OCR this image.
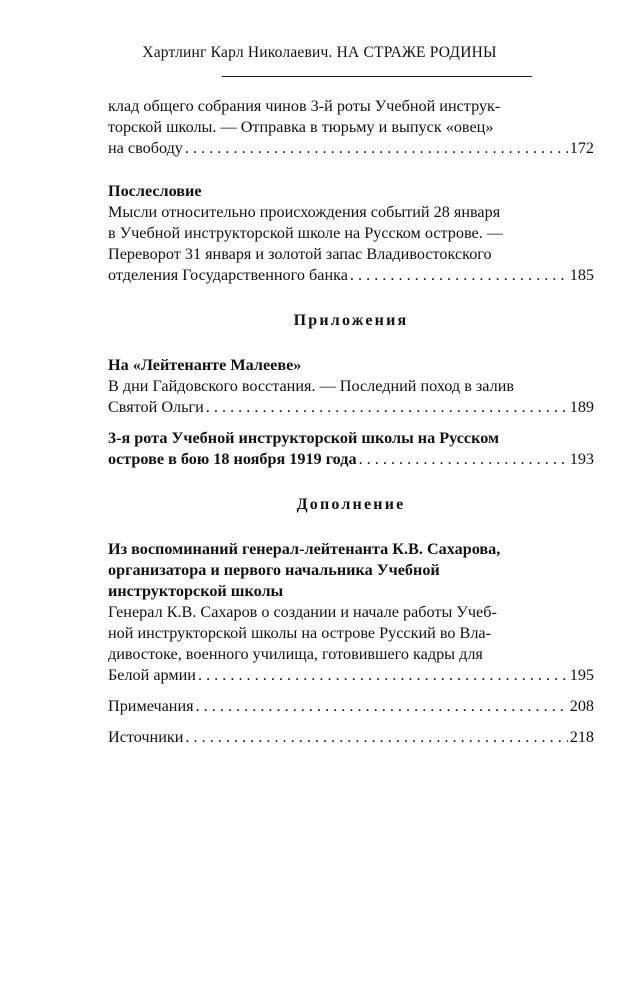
Хартлинг Карл Николаевич. НА СТРАЖЕ РОДИНЫ
клад общего собрания чинов 3-й роты Учебной инструк-
торской школы. — Отправка в тюрьму и выпуск «овец»
на свободу . . .	172
Послесловие
Мысли относительно происхождения событий 28 января
в Учебной инструкторской школе на Русском острове. —
Переворот 31 января и золотой запас Владивостокского
отделения Государственного банка . . .	185
Приложения
На «Лейтенанте Малееве»
В дни Гайдовского восстания. — Последний поход в залив
Святой Ольги . . .	189
3-я рота Учебной инструкторской школы на Русском
острове в бою 18 ноября 1919 года . . .	193
Дополнение
Из воспоминаний генерал-лейтенанта К.В. Сахарова,
организатора и первого начальника Учебной
инструкторской школы
Генерал К.В. Сахаров о создании и начале работы Учеб-
ной инструкторской школы на острове Русский во Вла-
дивостоке, военного училища, готовившего кадры для
Белой армии . . .	195
Примечания . . .	208
Источники . . .	218
